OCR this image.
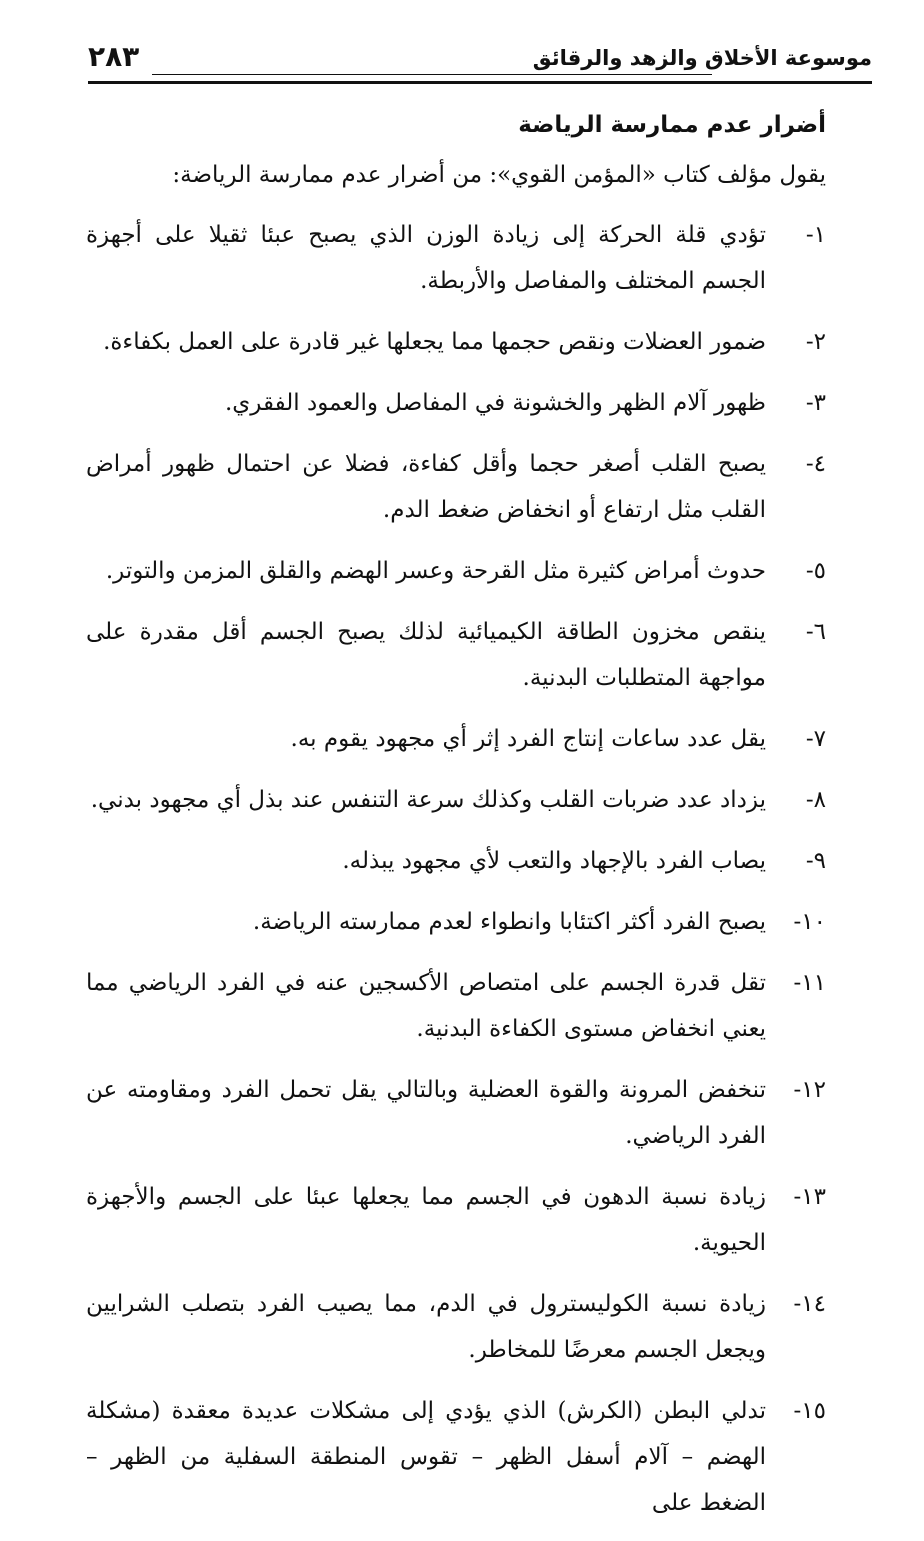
موسوعة الأخلاق والزهد والرقائق
٢٨٣
أضرار عدم ممارسة الرياضة
يقول مؤلف كتاب «المؤمن القوي»: من أضرار عدم ممارسة الرياضة:
١-
تؤدي قلة الحركة إلى زيادة الوزن الذي يصبح عبئا ثقيلا على أجهزة الجسم المختلف والمفاصل والأربطة.
٢-
ضمور العضلات ونقص حجمها مما يجعلها غير قادرة على العمل بكفاءة.
٣-
ظهور آلام الظهر والخشونة في المفاصل والعمود الفقري.
٤-
يصبح القلب أصغر حجما وأقل كفاءة، فضلا عن احتمال ظهور أمراض القلب مثل ارتفاع أو انخفاض ضغط الدم.
٥-
حدوث أمراض كثيرة مثل القرحة وعسر الهضم والقلق المزمن والتوتر.
٦-
ينقص مخزون الطاقة الكيميائية لذلك يصبح الجسم أقل مقدرة على مواجهة المتطلبات البدنية.
٧-
يقل عدد ساعات إنتاج الفرد إثر أي مجهود يقوم به.
٨-
يزداد عدد ضربات القلب وكذلك سرعة التنفس عند بذل أي مجهود بدني.
٩-
يصاب الفرد بالإجهاد والتعب لأي مجهود يبذله.
١٠-
يصبح الفرد أكثر اكتئابا وانطواء لعدم ممارسته الرياضة.
١١-
تقل قدرة الجسم على امتصاص الأكسجين عنه في الفرد الرياضي مما يعني انخفاض مستوى الكفاءة البدنية.
١٢-
تنخفض المرونة والقوة العضلية وبالتالي يقل تحمل الفرد ومقاومته عن الفرد الرياضي.
١٣-
زيادة نسبة الدهون في الجسم مما يجعلها عبئا على الجسم والأجهزة الحيوية.
١٤-
زيادة نسبة الكوليسترول في الدم، مما يصيب الفرد بتصلب الشرايين ويجعل الجسم معرضًا للمخاطر.
١٥-
تدلي البطن (الكرش) الذي يؤدي إلى مشكلات عديدة معقدة (مشكلة الهضم – آلام أسفل الظهر – تقوس المنطقة السفلية من الظهر – الضغط على
